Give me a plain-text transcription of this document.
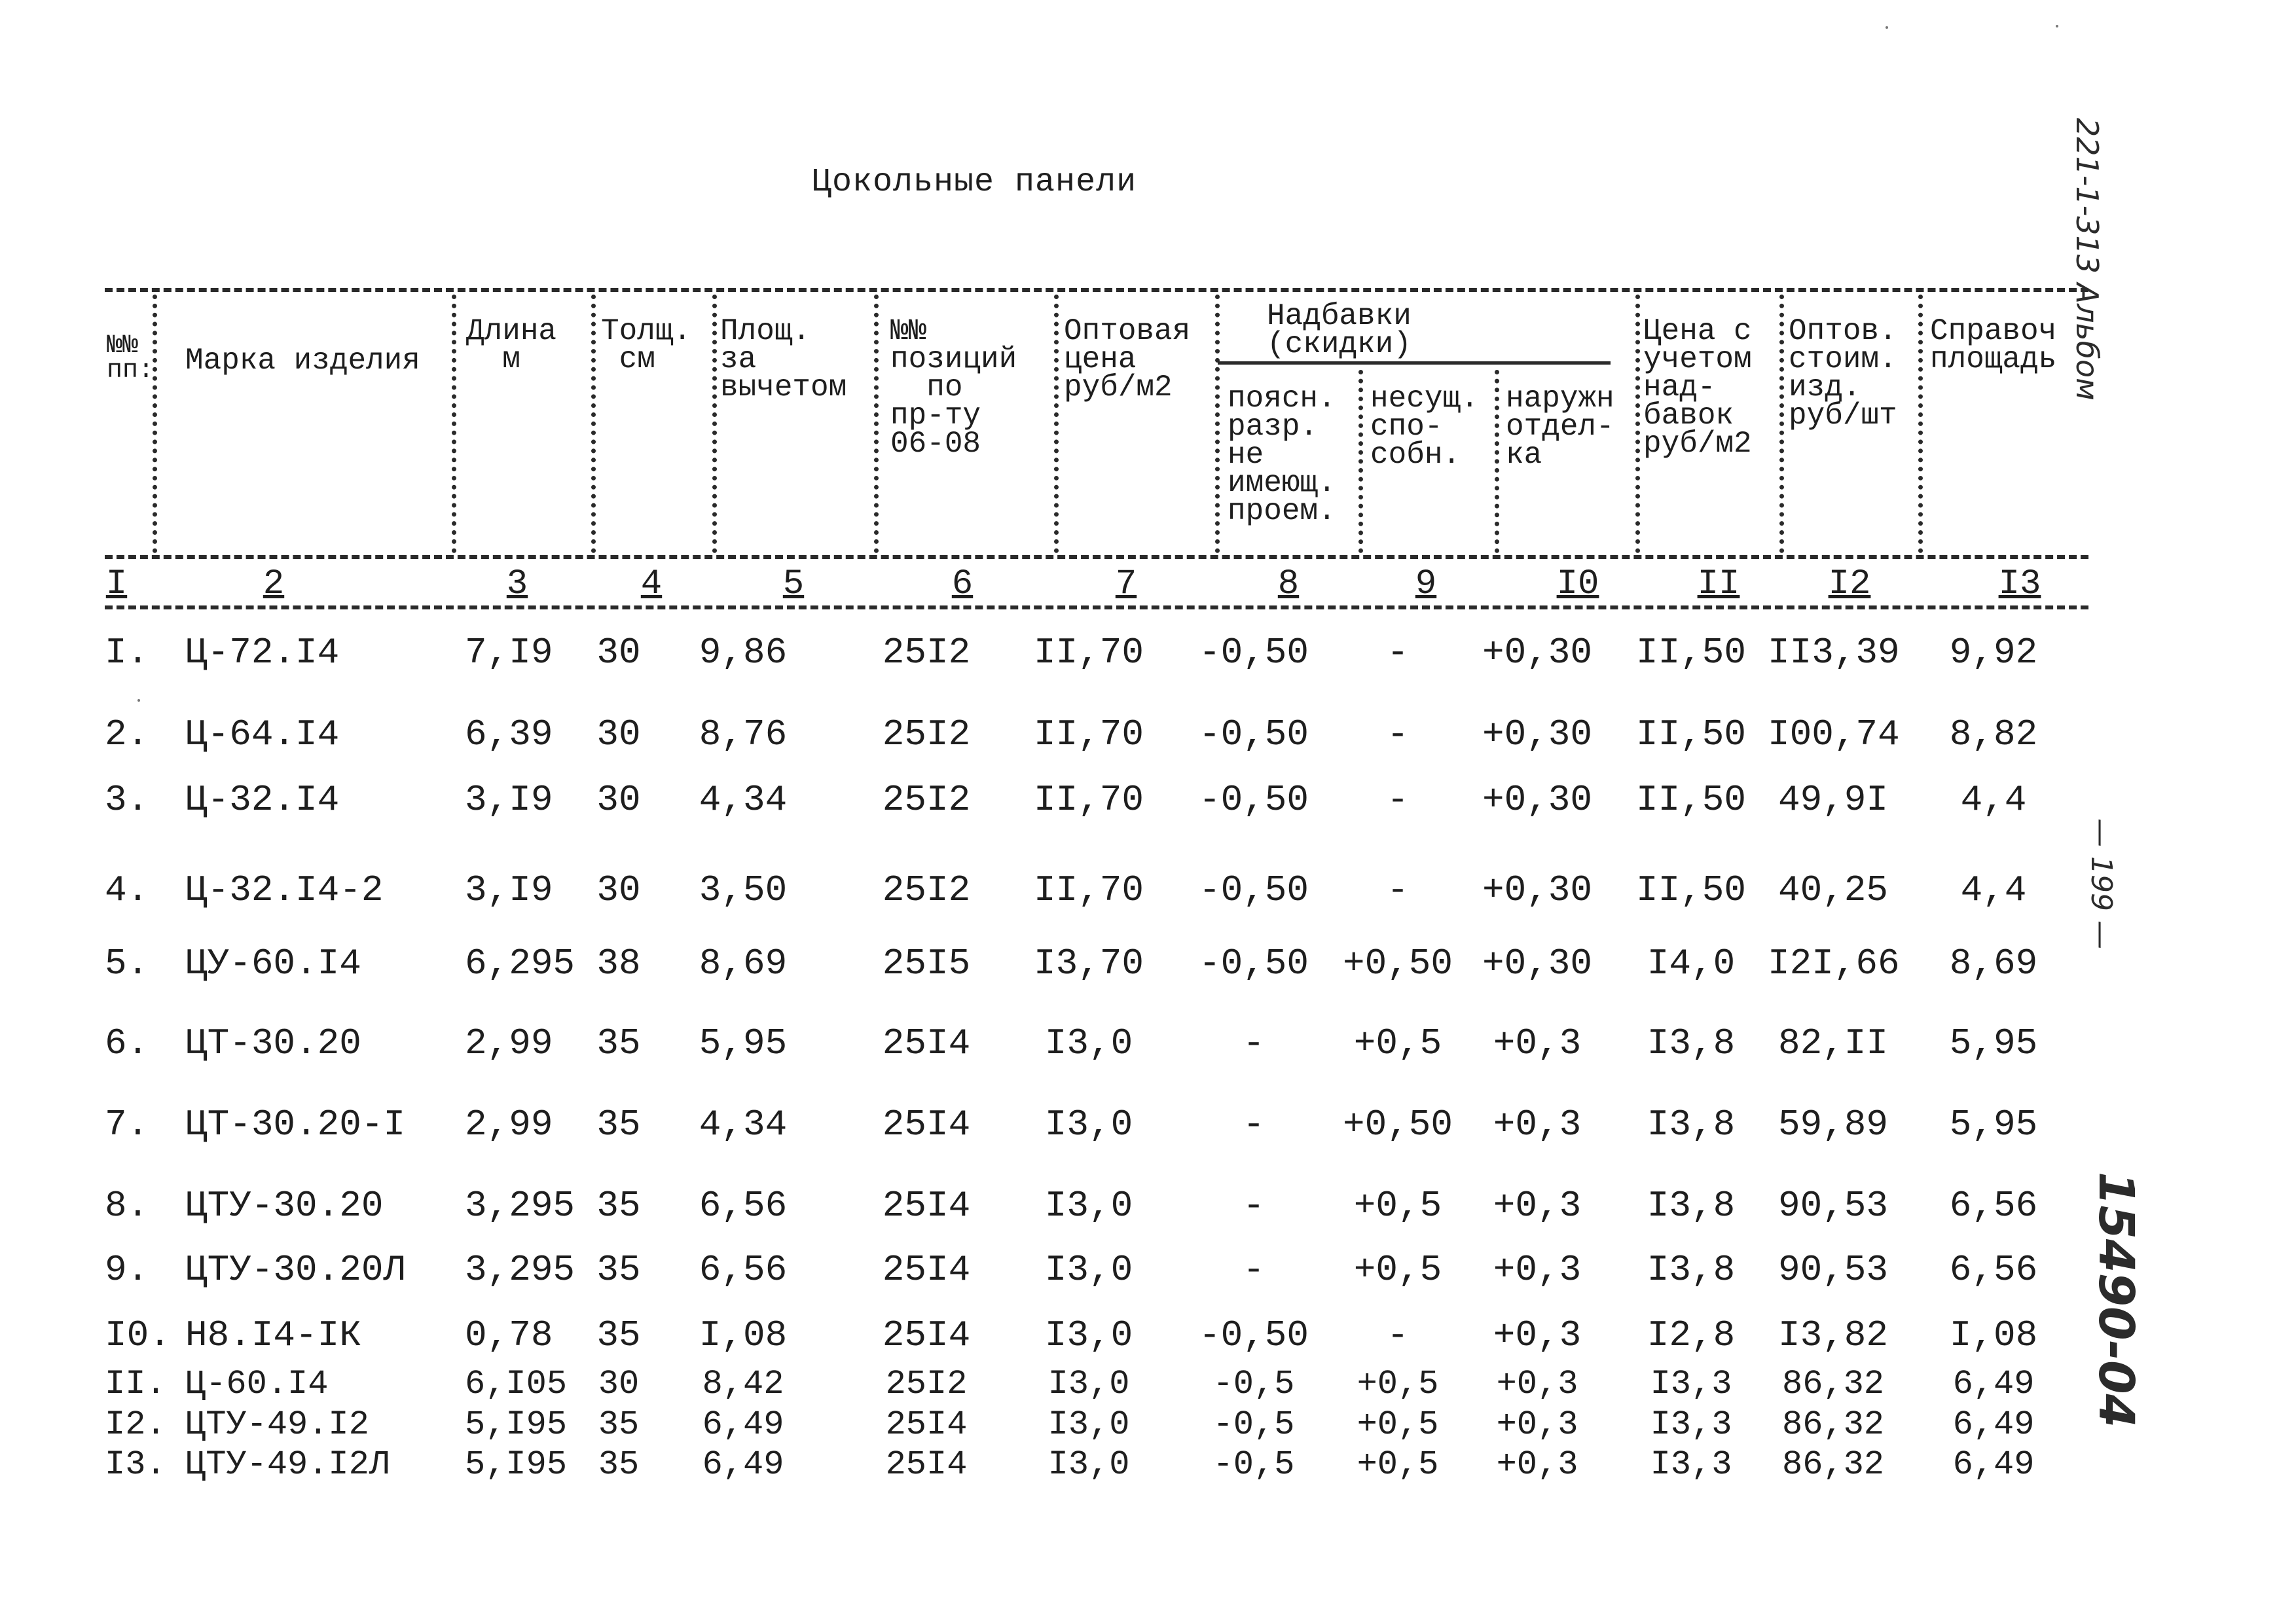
Цокольные панели	221-1-313 Альбом
— 199 —
15490-04
№№
пп: Марка изделия
Длина
м
Толщ.
см
Площ.
за
вычетом
№№
позиций
по
пр-ту
06-08
Оптовая
цена
руб/м2
Надбавки
(скидки)
поясн.
разр.
не
имеющ.
проем.
несущ.
спо-
собн.
наружн
отдел-
ка
Цена с
учетом
над-
бавок
руб/м2
Оптов.
стоим.
изд.
руб/шт
Справоч
площадь
I	2	3	4	5	6	7	8	9	I0	II	I2	I3
I. Ц-72.I4	7,I9	30	9,86	25I2	II,70 -0,50	-	+0,30 II,50 II3,39	9,92
2. Ц-64.I4	6,39	30	8,76	25I2	II,70 -0,50	-	+0,30 II,50 I00,74	8,82
3. Ц-32.I4	3,I9	30	4,34	25I2	II,70 -0,50	-	+0,30 II,50 49,9I	4,4
4. Ц-32.I4-2 3,I9	30	3,50	25I2	II,70 -0,50	-	+0,30 II,50 40,25	4,4
5. ЦУ-60.I4	6,295 38	8,69	25I5	I3,70 -0,50 +0,50 +0,30	I4,0 I2I,66	8,69
6. ЦТ-30.20	2,99	35	5,95	25I4	I3,0	-	+0,5	+0,3	I3,8	82,II	5,95
7. ЦТ-30.20-I 2,99	35	4,34	25I4	I3,0	-	+0,50	+0,3	I3,8	59,89	5,95
8. ЦТУ-30.20 3,295 35	6,56	25I4	I3,0	-	+0,5	+0,3	I3,8	90,53	6,56
9. ЦТУ-30.20Л 3,295 35	6,56	25I4	I3,0	-	+0,5	+0,3	I3,8	90,53	6,56
I0. Н8.I4-IК	0,78	35	I,08	25I4	I3,0	-0,50	-	+0,3	I2,8	I3,82	I,08
II. Ц-60.I4	6,I05 30	8,42	25I2	I3,0	-0,5	+0,5	+0,3	I3,3	86,32	6,49
I2. ЦТУ-49.I2	5,I95 35	6,49	25I4	I3,0	-0,5	+0,5	+0,3	I3,3	86,32	6,49
I3. ЦТУ-49.I2Л 5,I95 35	6,49	25I4	I3,0	-0,5	+0,5	+0,3	I3,3	86,32	6,49
